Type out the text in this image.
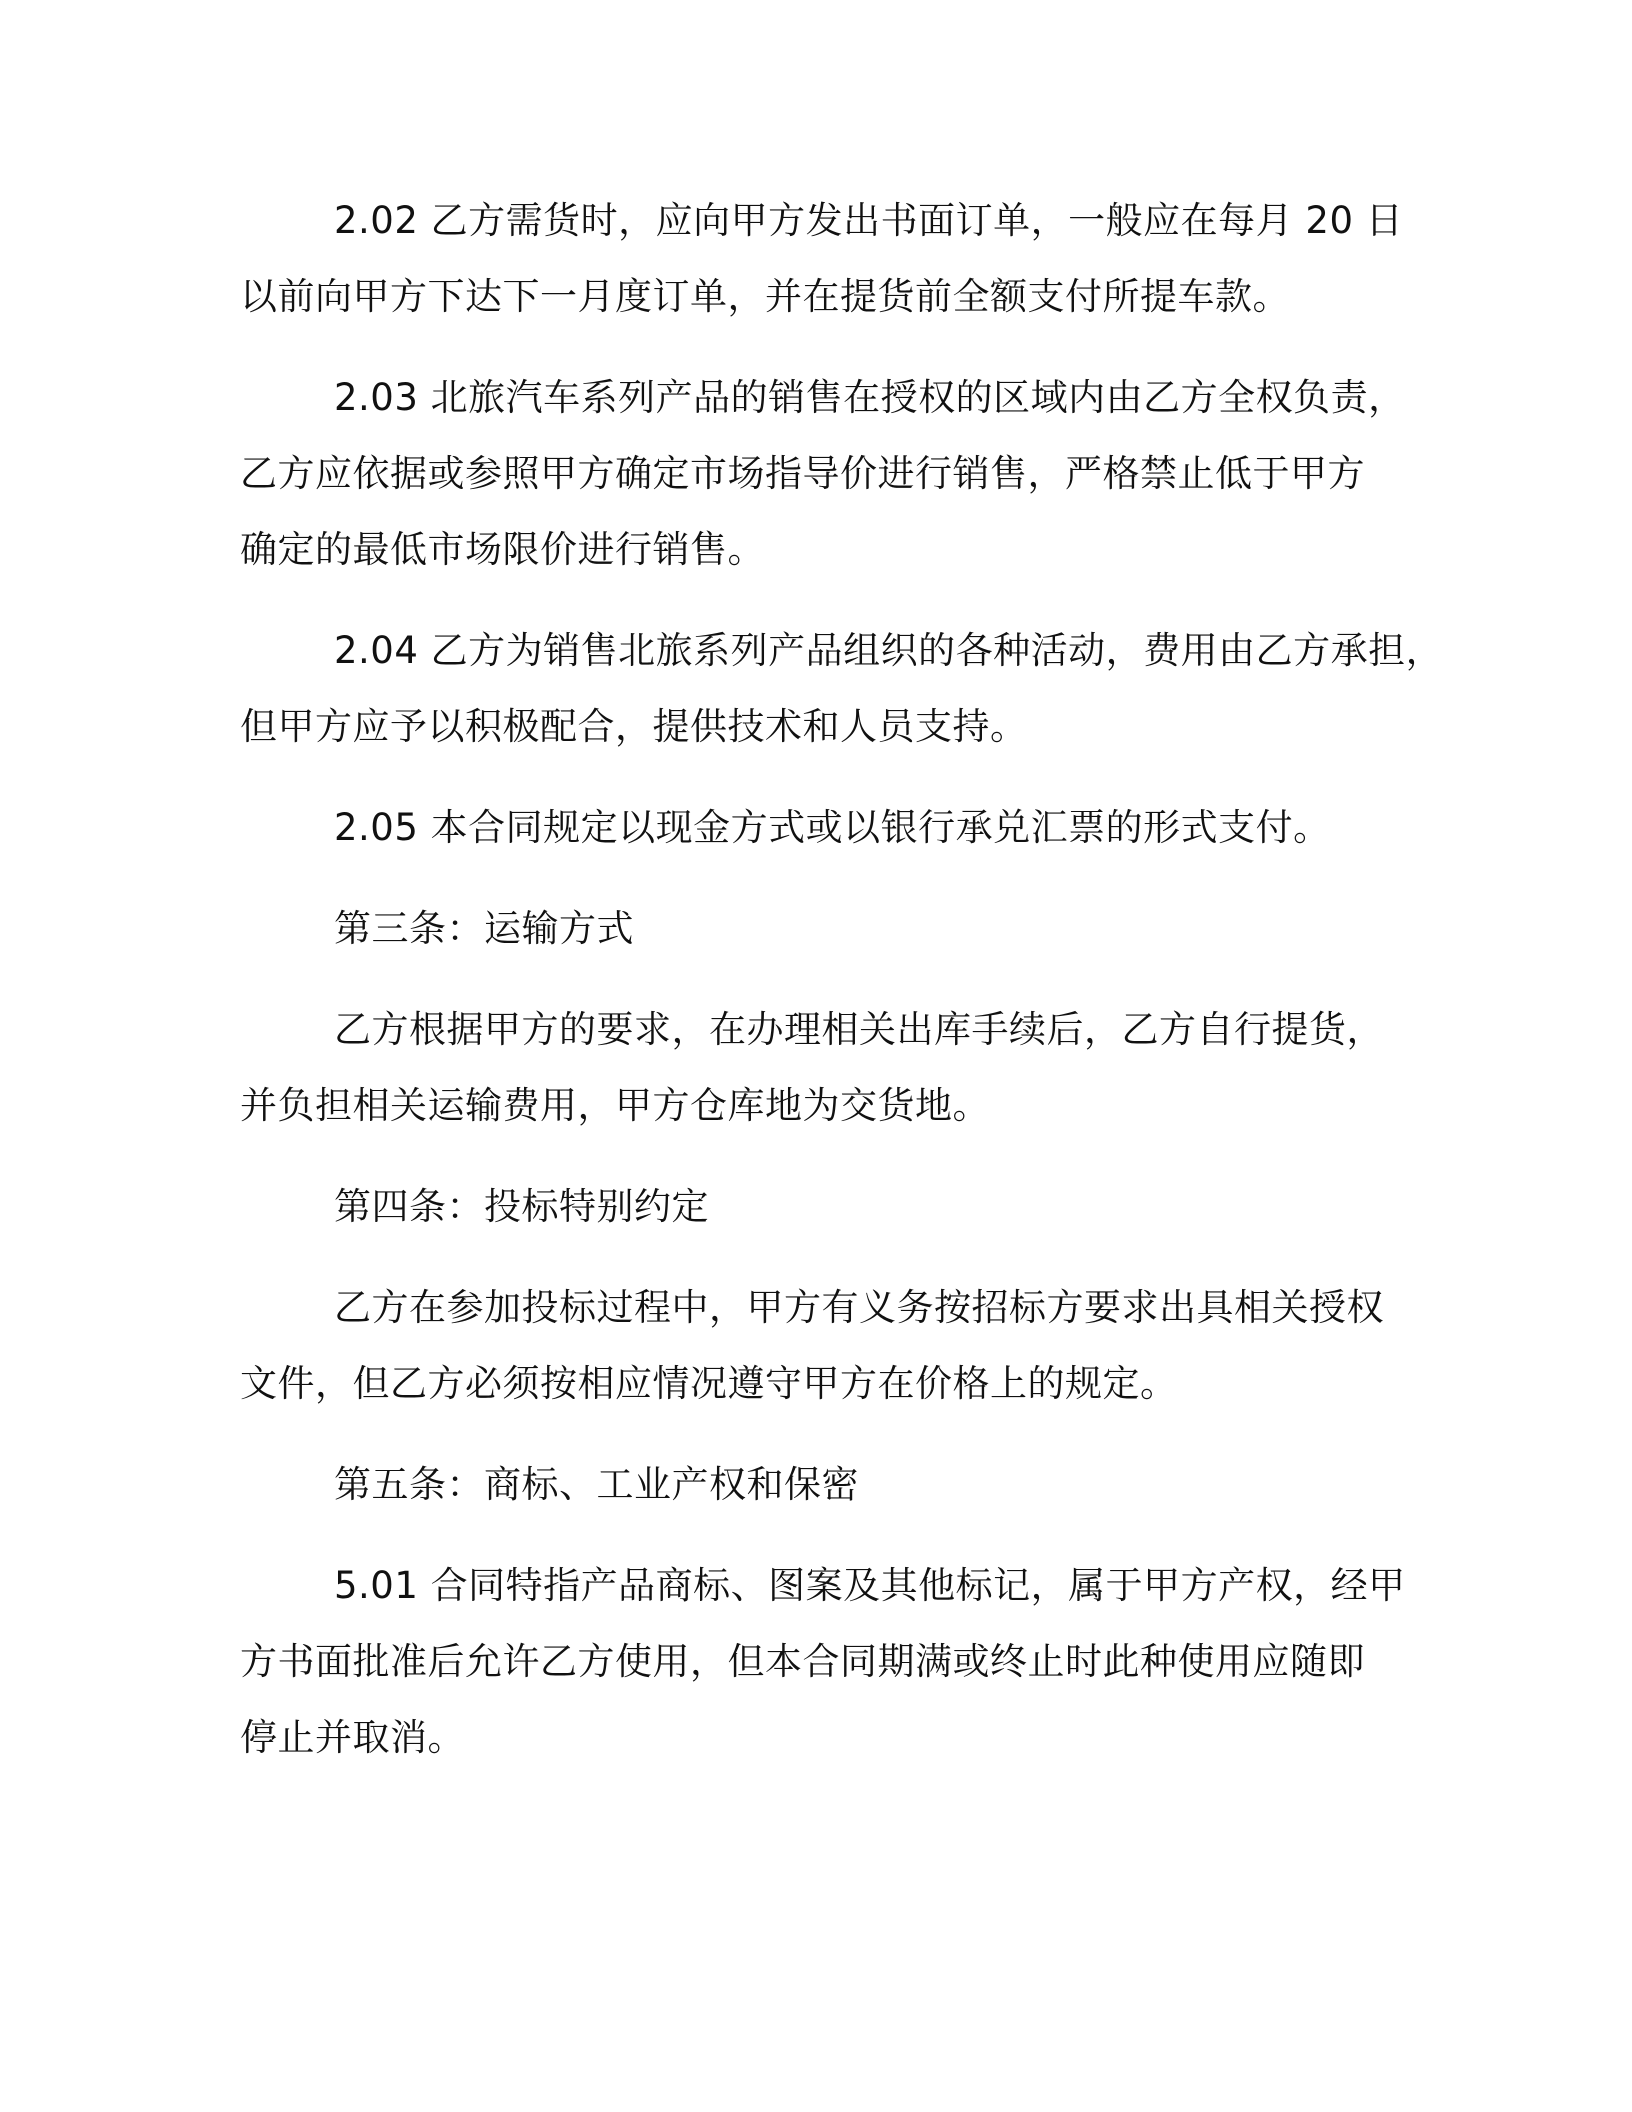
2.02 乙方需货时，应向甲方发出书面订单，一般应在每月 20 日
以前向甲方下达下一月度订单，并在提货前全额支付所提车款。
2.03 北旅汽车系列产品的销售在授权的区域内由乙方全权负责，
乙方应依据或参照甲方确定市场指导价进行销售，严格禁止低于甲方
确定的最低市场限价进行销售。
2.04 乙方为销售北旅系列产品组织的各种活动，费用由乙方承担，
但甲方应予以积极配合，提供技术和人员支持。
2.05 本合同规定以现金方式或以银行承兑汇票的形式支付。
第三条：运输方式
乙方根据甲方的要求，在办理相关出库手续后，乙方自行提货，
并负担相关运输费用，甲方仓库地为交货地。
第四条：投标特别约定
乙方在参加投标过程中，甲方有义务按招标方要求出具相关授权
文件，但乙方必须按相应情况遵守甲方在价格上的规定。
第五条：商标、工业产权和保密
5.01 合同特指产品商标、图案及其他标记，属于甲方产权，经甲
方书面批准后允许乙方使用，但本合同期满或终止时此种使用应随即
停止并取消。
